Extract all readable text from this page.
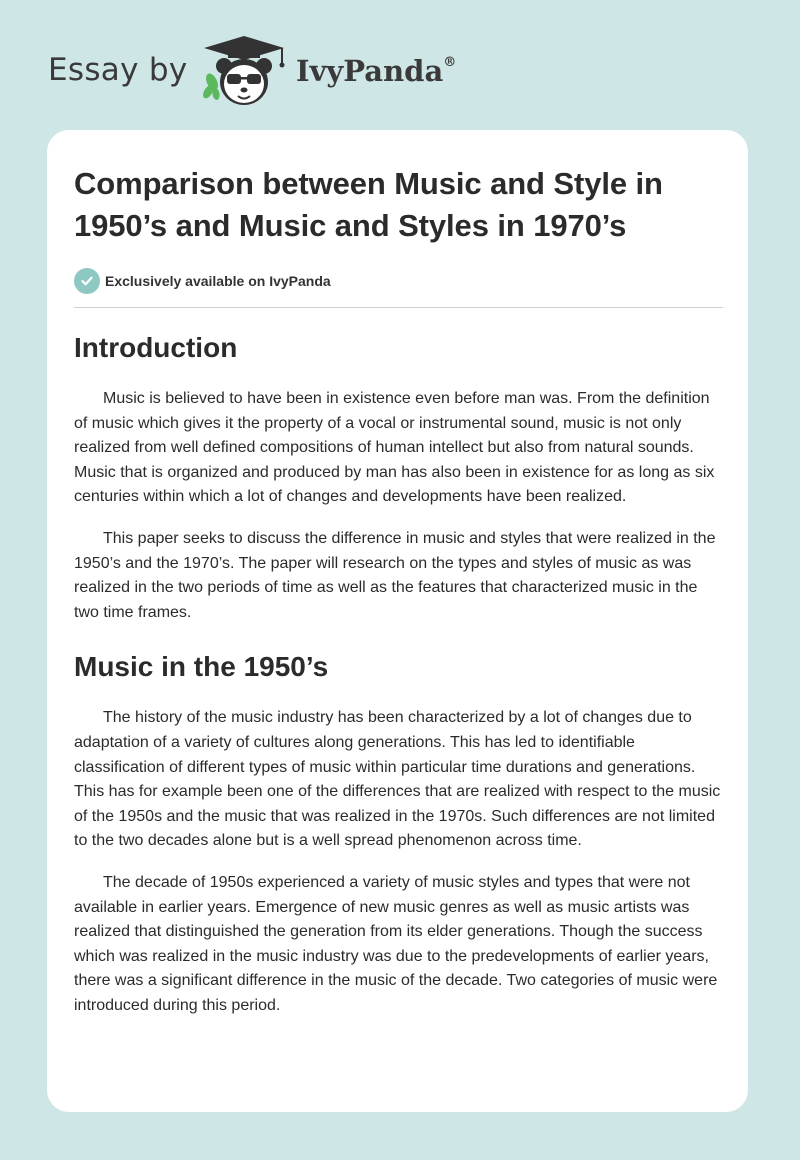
Essay by	IvyPanda®
Comparison between Music and Style in 1950’s and Music and Styles in 1970’s
Exclusively available on IvyPanda
Introduction

Music is believed to have been in existence even before man was. From the definition of music which gives it the property of a vocal or instrumental sound, music is not only realized from well defined compositions of human intellect but also from natural sounds. Music that is organized and produced by man has also been in existence for as long as six centuries within which a lot of changes and developments have been realized.

This paper seeks to discuss the difference in music and styles that were realized in the 1950’s and the 1970’s. The paper will research on the types and styles of music as was realized in the two periods of time as well as the features that characterized music in the two time frames.

Music in the 1950’s

The history of the music industry has been characterized by a lot of changes due to adaptation of a variety of cultures along generations. This has led to identifiable classification of different types of music within particular time durations and generations. This has for example been one of the differences that are realized with respect to the music of the 1950s and the music that was realized in the 1970s. Such differences are not limited to the two decades alone but is a well spread phenomenon across time.

The decade of 1950s experienced a variety of music styles and types that were not available in earlier years. Emergence of new music genres as well as music artists was realized that distinguished the generation from its elder generations. Though the success which was realized in the music industry was due to the predevelopments of earlier years, there was a significant difference in the music of the decade. Two categories of music were introduced during this period.
